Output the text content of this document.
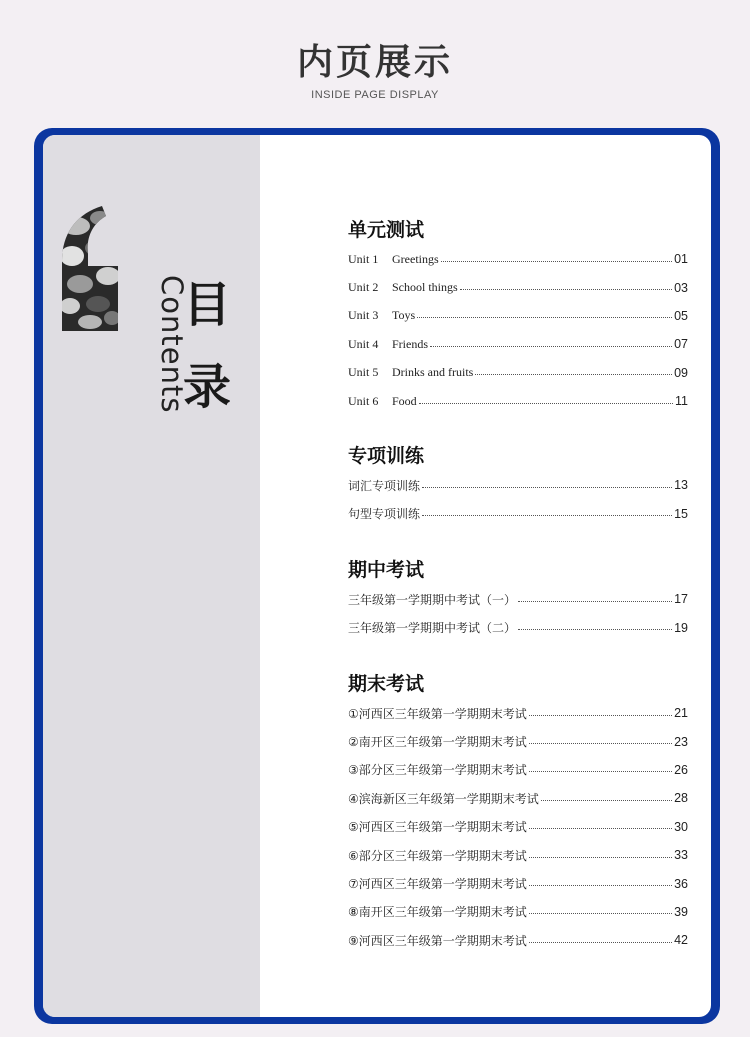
内页展示
INSIDE PAGE DISPLAY
Contents
目
录
单元测试
Unit 1 Greetings	01
Unit 2 School things	03
Unit 3 Toys	05
Unit 4 Friends	07
Unit 5 Drinks and fruits	09
Unit 6 Food	11
专项训练
词汇专项训练	13
句型专项训练	15
期中考试
三年级第一学期期中考试（一）	17
三年级第一学期期中考试（二）	19
期末考试
①河西区三年级第一学期期末考试	21
②南开区三年级第一学期期末考试	23
③部分区三年级第一学期期末考试	26
④滨海新区三年级第一学期期末考试	28
⑤河西区三年级第一学期期末考试	30
⑥部分区三年级第一学期期末考试	33
⑦河西区三年级第一学期期末考试	36
⑧南开区三年级第一学期期末考试	39
⑨河西区三年级第一学期期末考试	42
